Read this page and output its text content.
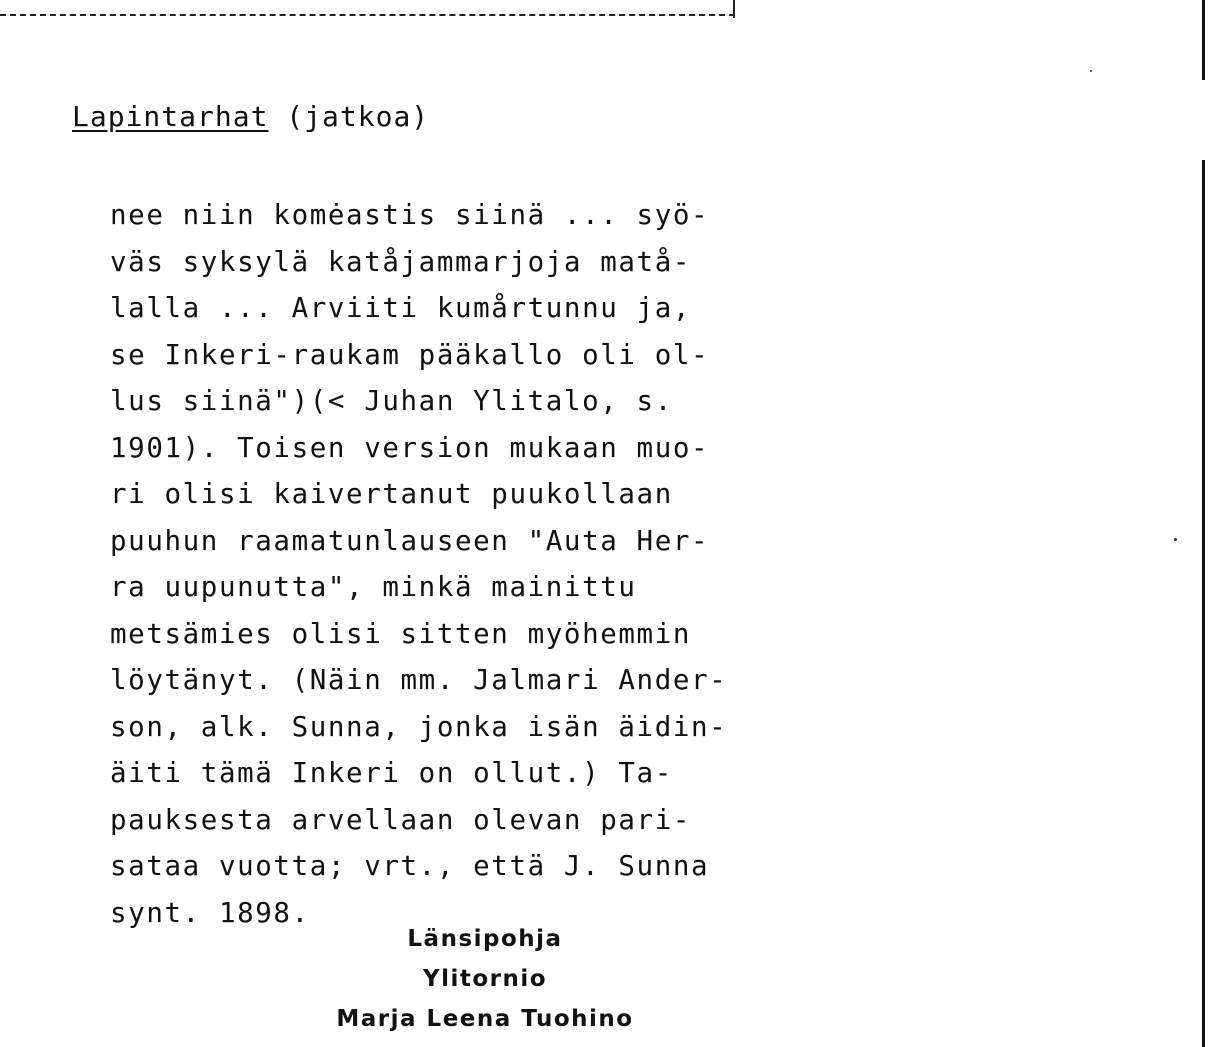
Lapintarhat (jatkoa)
nee niin komėastis siinä ... syö-
väs syksylä katåjammarjoja matå-
lalla ... Arviiti kumårtunnu ja,
se Inkeri-raukam pääkallo oli ol-
lus siinä")(< Juhan Ylitalo, s.
1901). Toisen version mukaan muo-
ri olisi kaivertanut puukollaan
puuhun raamatunlauseen "Auta Her-
ra uupunutta", minkä mainittu
metsämies olisi sitten myöhemmin
löytänyt. (Näin mm. Jalmari Ander-
son, alk. Sunna, jonka isän äidin-
äiti tämä Inkeri on ollut.) Ta-
pauksesta arvellaan olevan pari-
sataa vuotta; vrt., että J. Sunna
synt. 1898.
Länsipohja
Ylitornio
Marja Leena Tuohino
